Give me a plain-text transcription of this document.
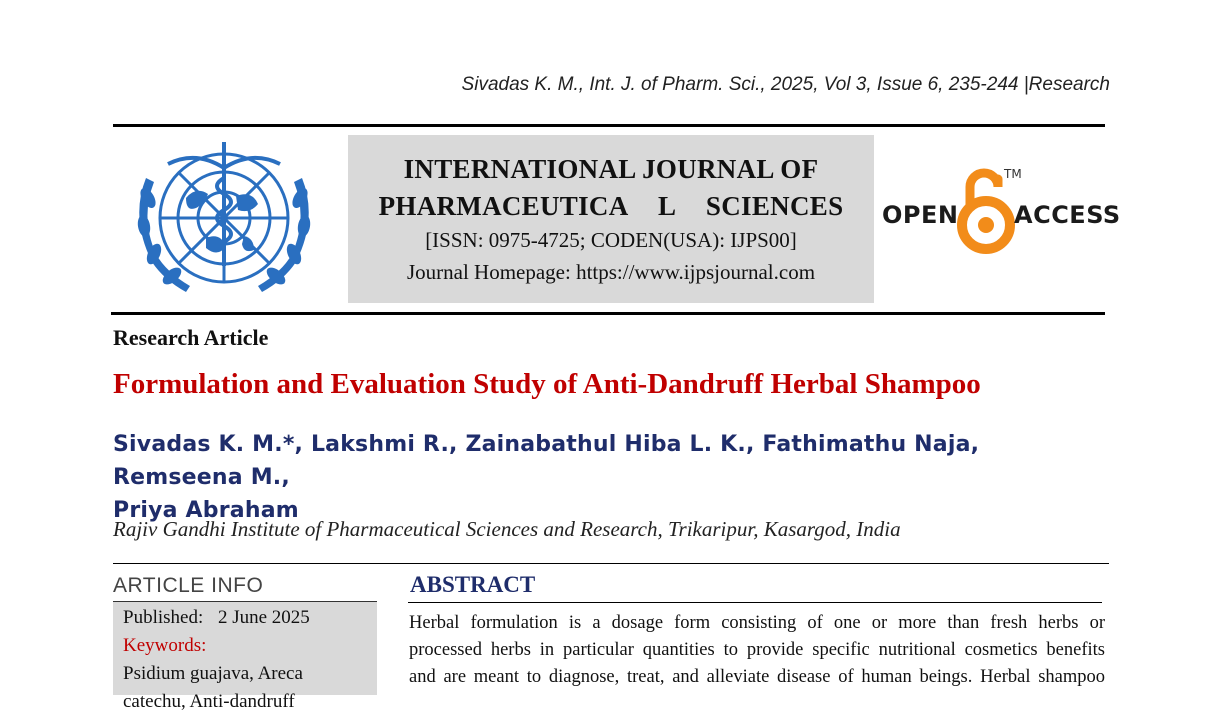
Sivadas K. M., Int. J. of Pharm. Sci., 2025, Vol 3, Issue 6, 235-244 |Research
INTERNATIONAL JOURNAL OF
PHARMACEUTICA L SCIENCES
[ISSN: 0975-4725; CODEN(USA): IJPS00]
Journal Homepage: https://www.ijpsjournal.com
OPEN
TM
ACCESS
Research Article
Formulation and Evaluation Study of Anti-Dandruff Herbal Shampoo
Sivadas K. M.*, Lakshmi R., Zainabathul Hiba L. K., Fathimathu Naja, Remseena M.,
Priya Abraham
Rajiv Gandhi Institute of Pharmaceutical Sciences and Research, Trikaripur, Kasargod, India
ARTICLE INFO
Published: 2 June 2025
Keywords:
Psidium guajava, Areca
catechu, Anti-dandruff
ABSTRACT
Herbal formulation is a dosage form consisting of one or more than fresh herbs or
processed herbs in particular quantities to provide specific nutritional cosmetics benefits
and are meant to diagnose, treat, and alleviate disease of human beings. Herbal shampoo
